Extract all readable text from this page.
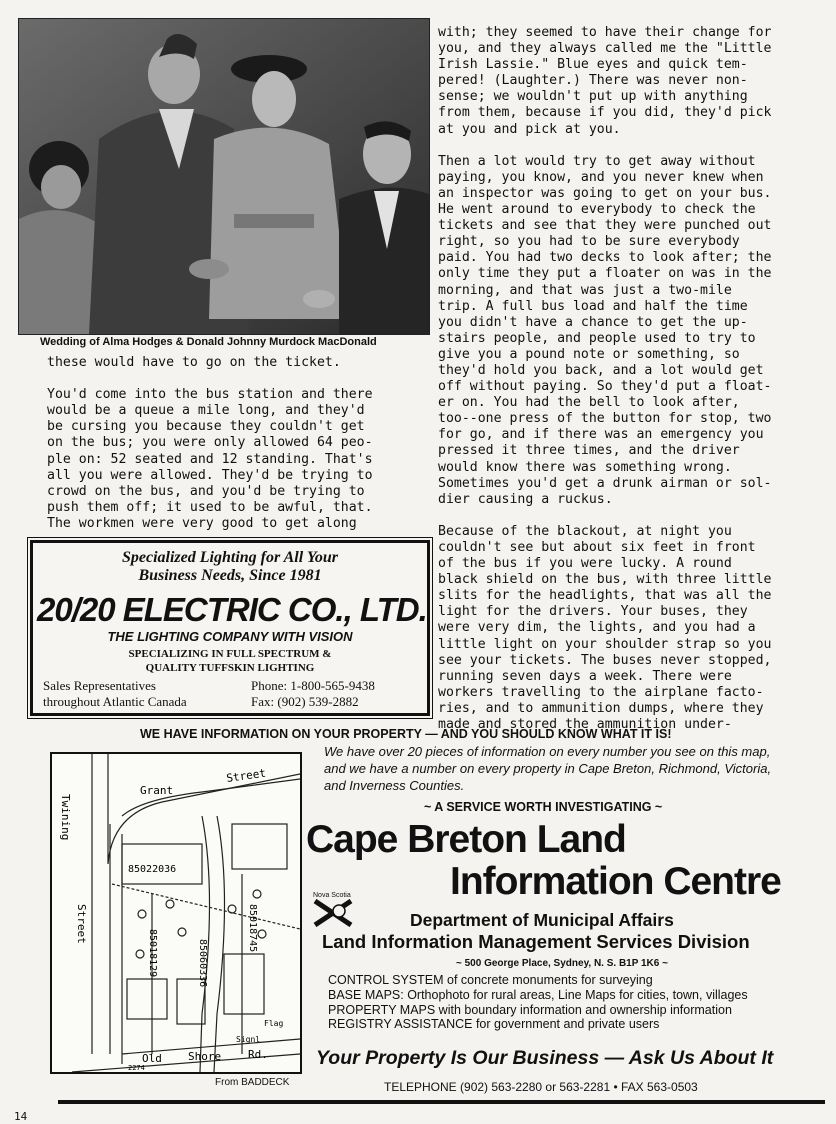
Wedding of Alma Hodges & Donald Johnny Murdock MacDonald
these would have to go on the ticket.

You'd come into the bus station and there
would be a queue a mile long, and they'd
be cursing you because they couldn't get
on the bus; you were only allowed 64 peo-
ple on: 52 seated and 12 standing. That's
all you were allowed. They'd be trying to
crowd on the bus, and you'd be trying to
push them off; it used to be awful, that.
The workmen were very good to get along
with; they seemed to have their change for
you, and they always called me the "Little
Irish Lassie." Blue eyes and quick tem-
pered! (Laughter.) There was never non-
sense; we wouldn't put up with anything
from them, because if you did, they'd pick
at you and pick at you.

Then a lot would try to get away without
paying, you know, and you never knew when
an inspector was going to get on your bus.
He went around to everybody to check the
tickets and see that they were punched out
right, so you had to be sure everybody
paid. You had two decks to look after; the
only time they put a floater on was in the
morning, and that was just a two-mile
trip. A full bus load and half the time
you didn't have a chance to get the up-
stairs people, and people used to try to
give you a pound note or something, so
they'd hold you back, and a lot would get
off without paying. So they'd put a float-
er on. You had the bell to look after,
too--one press of the button for stop, two
for go, and if there was an emergency you
pressed it three times, and the driver
would know there was something wrong.
Sometimes you'd get a drunk airman or sol-
dier causing a ruckus.

Because of the blackout, at night you
couldn't see but about six feet in front
of the bus if you were lucky. A round
black shield on the bus, with three little
slits for the headlights, that was all the
light for the drivers. Your buses, they
were very dim, the lights, and you had a
little light on your shoulder strap so you
see your tickets. The buses never stopped,
running seven days a week. There were
workers travelling to the airplane facto-
ries, and to ammunition dumps, where they
made and stored the ammunition under-
Specialized Lighting for All Your
Business Needs, Since 1981
20/20 ELECTRIC CO., LTD.
THE LIGHTING COMPANY WITH VISION
SPECIALIZING IN FULL SPECTRUM &
QUALITY TUFFSKIN LIGHTING
Sales Representatives
throughout Atlantic Canada
Phone: 1-800-565-9438
Fax: (902) 539-2882
WE HAVE INFORMATION ON YOUR PROPERTY — AND YOU SHOULD KNOW WHAT IT IS!
Twining
Grant
Street
Street
85022036
85018129	85060336
85018745
Old Shore Rd.
Flag
Signl
2274
We have over 20 pieces of information on every number you see on this map,
and we have a number on every property in Cape Breton, Richmond, Victoria,
and Inverness Counties.
~ A SERVICE WORTH INVESTIGATING ~
Cape Breton Land
Information Centre
Nova Scotia
Department of Municipal Affairs
Land Information Management Services Division
~ 500 George Place, Sydney, N. S. B1P 1K6 ~
CONTROL SYSTEM of concrete monuments for surveying
BASE MAPS: Orthophoto for rural areas, Line Maps for cities, town, villages
PROPERTY MAPS with boundary information and ownership information
REGISTRY ASSISTANCE for government and private users
Your Property Is Our Business — Ask Us About It
From BADDECK	TELEPHONE (902) 563-2280 or 563-2281 • FAX 563-0503
14
